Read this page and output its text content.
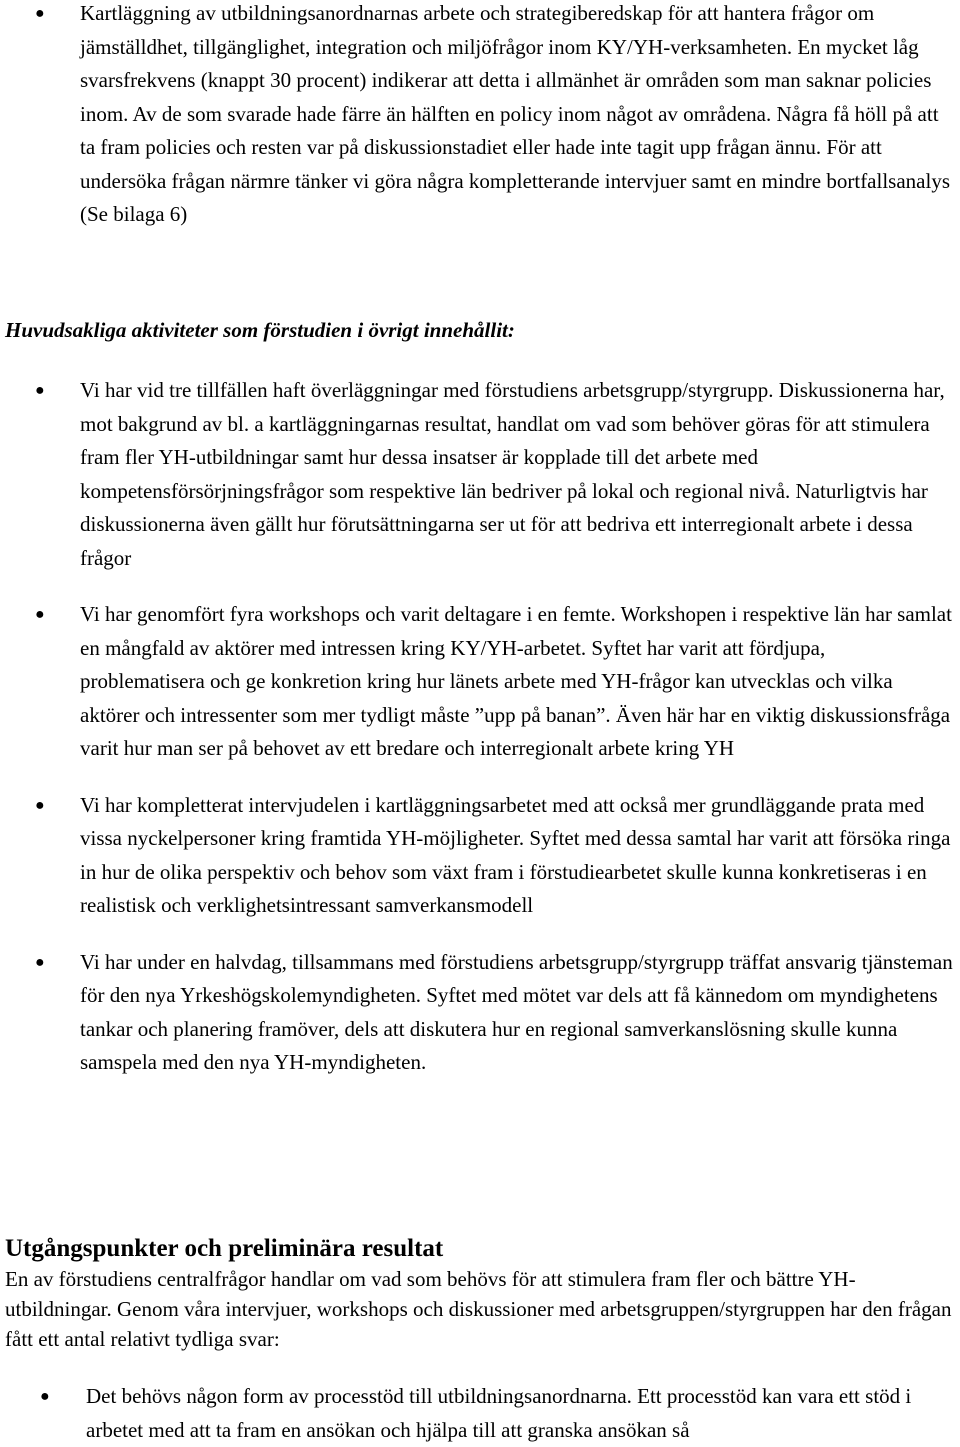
●	Kartläggning av utbildningsanordnarnas arbete och strategiberedskap för att hantera frågor om jämställdhet, tillgänglighet, integration och miljöfrågor inom KY/YH-verksamheten. En mycket låg svarsfrekvens (knappt 30 procent) indikerar att detta i allmänhet är områden som man saknar policies inom. Av de som svarade hade färre än hälften en policy inom något av områdena. Några få höll på att ta fram policies och resten var på diskussionstadiet eller hade inte tagit upp frågan ännu. För att undersöka frågan närmre tänker vi göra några kompletterande intervjuer samt en mindre bortfallsanalys (Se bilaga 6)

Huvudsakliga aktiviteter som förstudien i övrigt innehållit:

●	Vi har vid tre tillfällen haft överläggningar med förstudiens arbetsgrupp/styrgrupp. Diskussionerna har, mot bakgrund av bl. a kartläggningarnas resultat, handlat om vad som behöver göras för att stimulera fram fler YH-utbildningar samt hur dessa insatser är kopplade till det arbete med kompetensförsörjningsfrågor som respektive län bedriver på lokal och regional nivå. Naturligtvis har diskussionerna även gällt hur förutsättningarna ser ut för att bedriva ett interregionalt arbete i dessa frågor
●	Vi har genomfört fyra workshops och varit deltagare i en femte. Workshopen i respektive län har samlat en mångfald av aktörer med intressen kring KY/YH-arbetet. Syftet har varit att fördjupa, problematisera och ge konkretion kring hur länets arbete med YH-frågor kan utvecklas och vilka aktörer och intressenter som mer tydligt måste ”upp på banan”. Även här har en viktig diskussionsfråga varit hur man ser på behovet av ett bredare och interregionalt arbete kring YH
●	Vi har kompletterat intervjudelen i kartläggningsarbetet med att också mer grundläggande prata med vissa nyckelpersoner kring framtida YH-möjligheter. Syftet med dessa samtal har varit att försöka ringa in hur de olika perspektiv och behov som växt fram i förstudiearbetet skulle kunna konkretiseras i en realistisk och verklighetsintressant samverkansmodell
●	Vi har under en halvdag, tillsammans med förstudiens arbetsgrupp/styrgrupp träffat ansvarig tjänsteman för den nya Yrkeshögskolemyndigheten. Syftet med mötet var dels att få kännedom om myndighetens tankar och planering framöver, dels att diskutera hur en regional samverkanslösning skulle kunna samspela med den nya YH-myndigheten.
Utgångspunkter och preliminära resultat

En av förstudiens centralfrågor handlar om vad som behövs för att stimulera fram fler och bättre YH-utbildningar. Genom våra intervjuer, workshops och diskussioner med arbetsgruppen/styrgruppen har den frågan fått ett antal relativt tydliga svar:

●	Det behövs någon form av processtöd till utbildningsanordnarna. Ett processtöd kan vara ett stöd i arbetet med att ta fram en ansökan och hjälpa till att granska ansökan så
